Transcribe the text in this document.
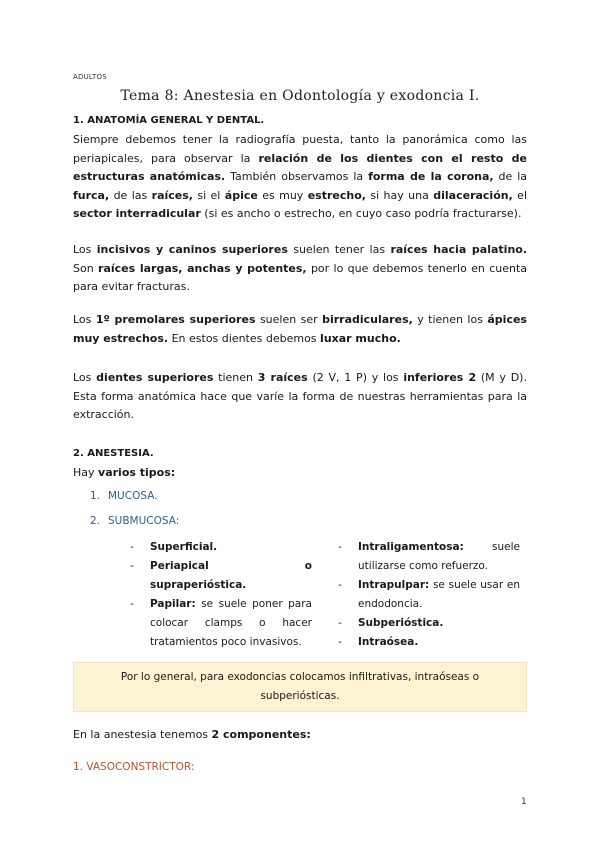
ADULTOS
Tema 8: Anestesia en Odontología y exodoncia I.
1. ANATOMÍA GENERAL Y DENTAL.
Siempre debemos tener la radiografía puesta, tanto la panorámica como las periapicales, para observar la relación de los dientes con el resto de estructuras anatómicas. También observamos la forma de la corona, de la furca, de las raíces, si el ápice es muy estrecho, si hay una dilaceración, el sector interradicular (si es ancho o estrecho, en cuyo caso podría fracturarse).
Los incisivos y caninos superiores suelen tener las raíces hacia palatino. Son raíces largas, anchas y potentes, por lo que debemos tenerlo en cuenta para evitar fracturas.
Los 1º premolares superiores suelen ser birradiculares, y tienen los ápices muy estrechos. En estos dientes debemos luxar mucho.
Los dientes superiores tienen 3 raíces (2 V, 1 P) y los inferiores 2 (M y D). Esta forma anatómica hace que varíe la forma de nuestras herramientas para la extracción.
2. ANESTESIA.
Hay varios tipos:
1. MUCOSA.
2. SUBMUCOSA:
- Superficial.
- Periapical o supraperióstica.
- Papilar: se suele poner para colocar clamps o hacer tratamientos poco invasivos.
- Intraligamentosa: suele utilizarse como refuerzo.
- Intrapulpar: se suele usar en endodoncia.
- Subperióstica.
- Intraósea.
Por lo general, para exodoncias colocamos infiltrativas, intraóseas o subperiósticas.
En la anestesia tenemos 2 componentes:
1. VASOCONSTRICTOR:
1
